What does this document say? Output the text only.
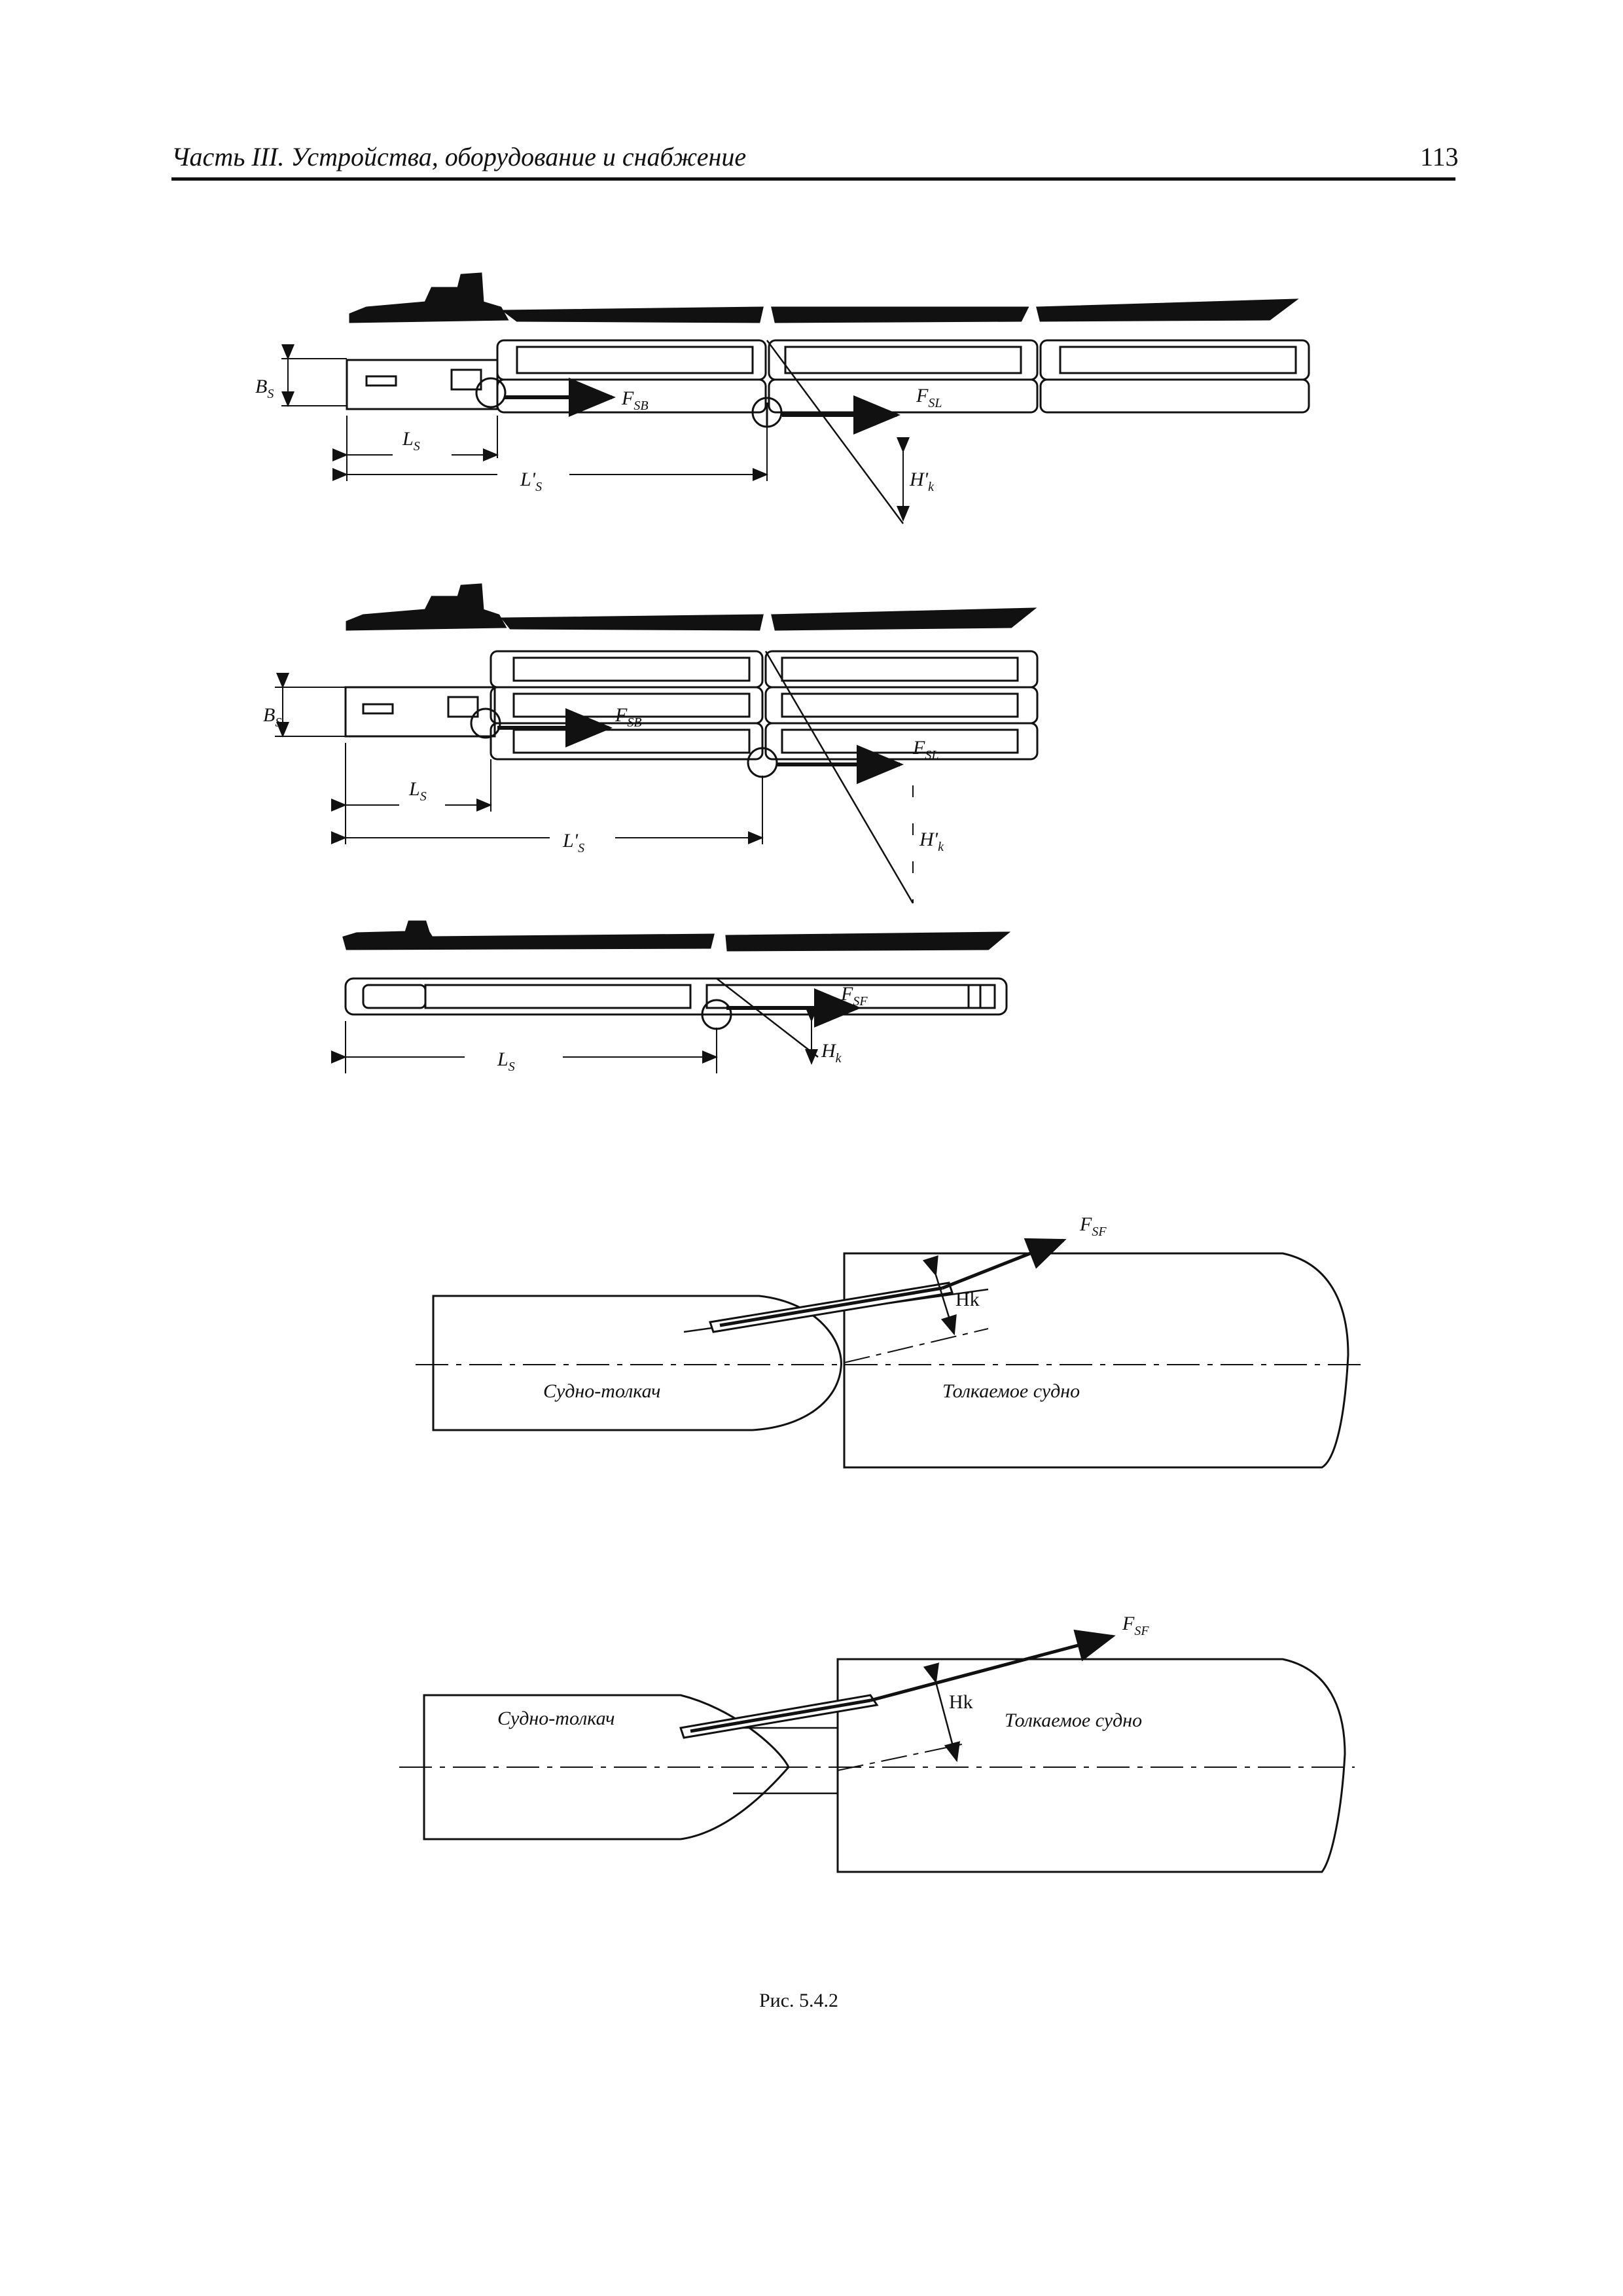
Часть III. Устройства, оборудование и снабжение	113
$B_S$
$L_S$
$L'_S$
$F_{SB}$	$F_{SL}$
$H'_k$
$B_S$
$L_S$
$L'_S$
$F_{SB}$
$F_{SL}$
$H'_k$
$F_{SF}$
$L_S$
$H_k$
$F_{SF}$
Hk
Судно-толкач	Толкаемое судно
$F_{SF}$
Hk
Судно-толкач	Толкаемое судно
Рис. 5.4.2
